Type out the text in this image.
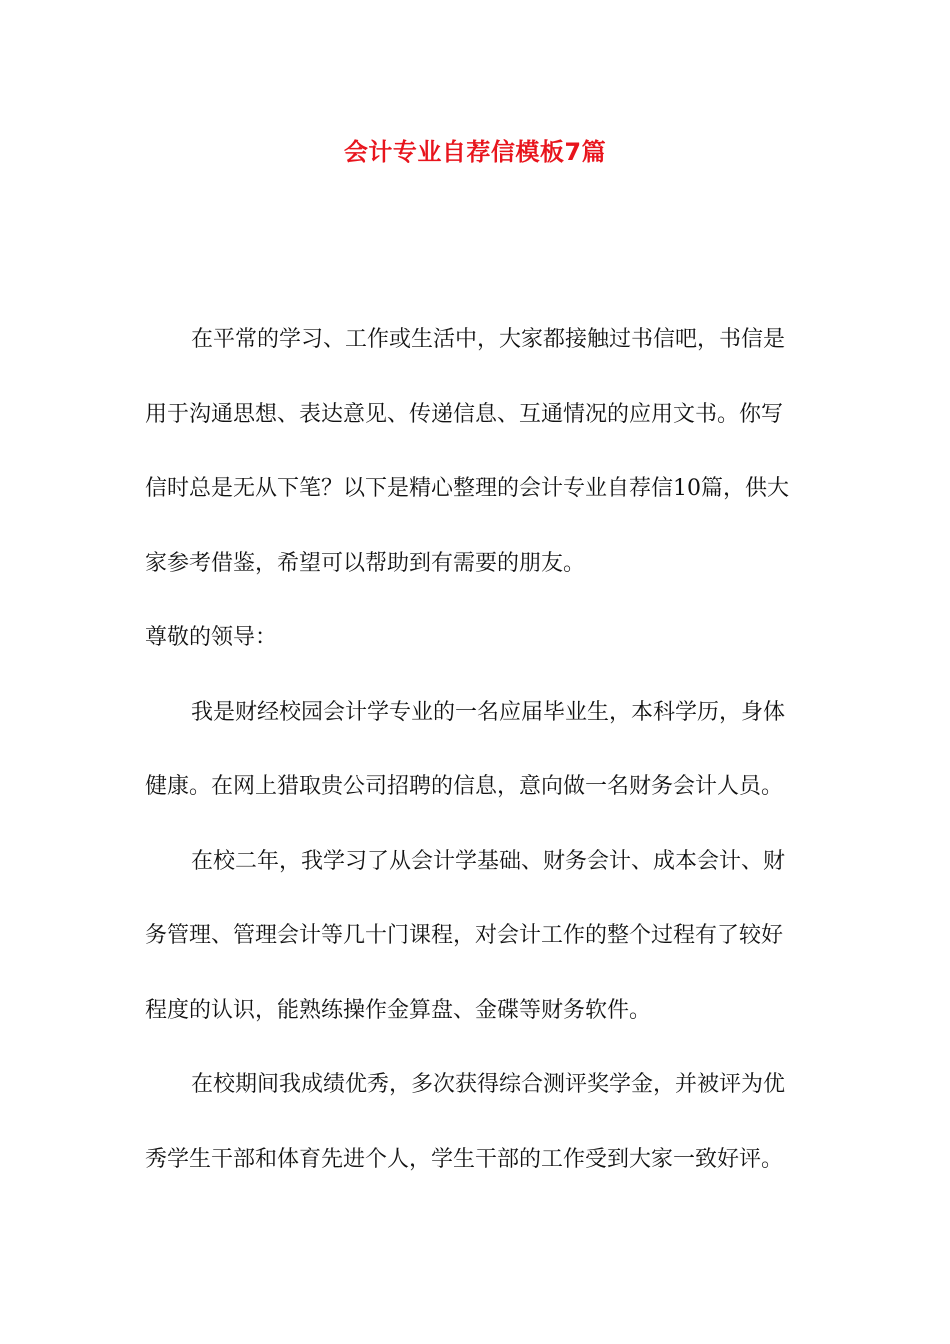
会计专业自荐信模板7篇
在平常的学习、工作或生活中，大家都接触过书信吧，书信是
用于沟通思想、表达意见、传递信息、互通情况的应用文书。你写
信时总是无从下笔？以下是精心整理的会计专业自荐信10篇，供大
家参考借鉴，希望可以帮助到有需要的朋友。
尊敬的领导：
我是财经校园会计学专业的一名应届毕业生，本科学历，身体
健康。在网上猎取贵公司招聘的信息，意向做一名财务会计人员。
在校二年，我学习了从会计学基础、财务会计、成本会计、财
务管理、管理会计等几十门课程，对会计工作的整个过程有了较好
程度的认识，能熟练操作金算盘、金碟等财务软件。
在校期间我成绩优秀，多次获得综合测评奖学金，并被评为优
秀学生干部和体育先进个人，学生干部的工作受到大家一致好评。
